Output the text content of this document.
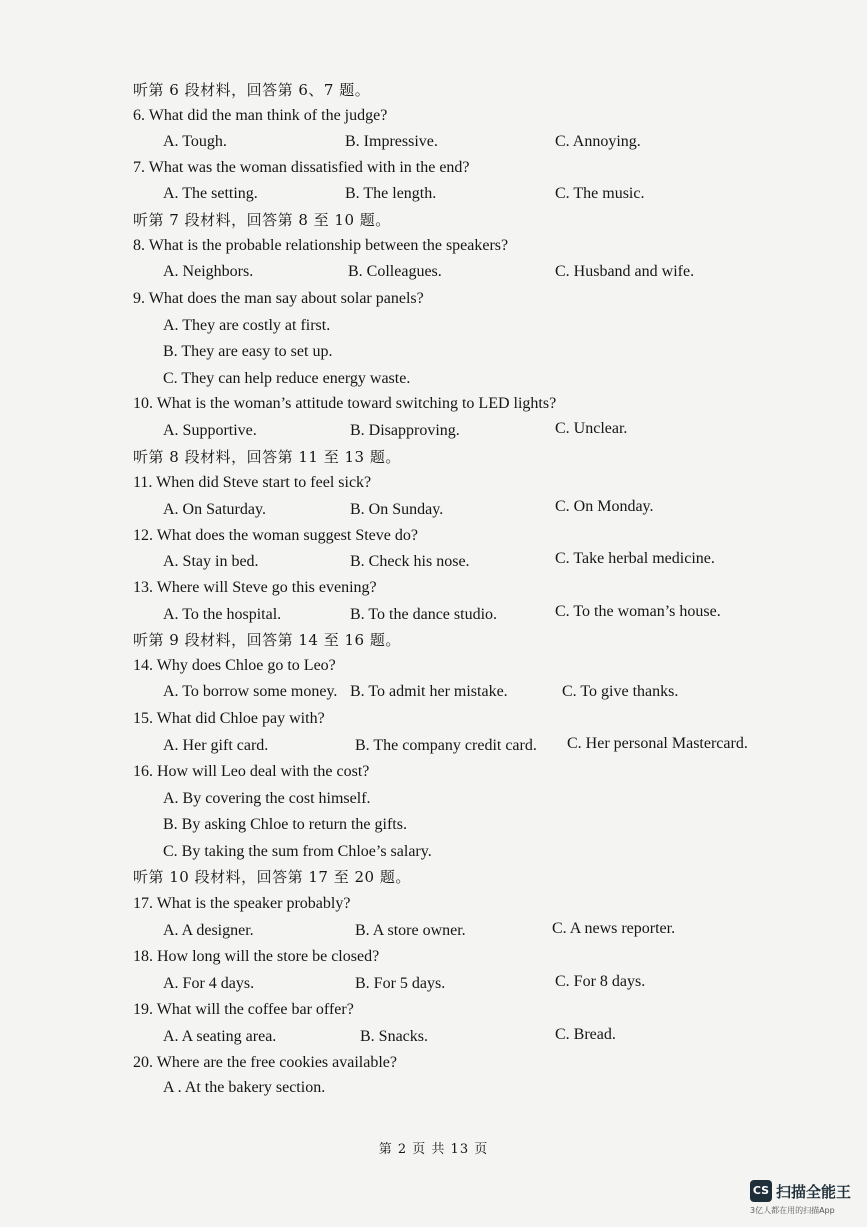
听第 6 段材料，回答第 6、7 题。
6. What did the man think of the judge?
A. Tough.	B. Impressive.	C. Annoying.
7. What was the woman dissatisfied with in the end?
A. The setting.	B. The length.	C. The music.
听第 7 段材料，回答第 8 至 10 题。
8. What is the probable relationship between the speakers?
A. Neighbors.	B. Colleagues.	C. Husband and wife.
9. What does the man say about solar panels?
A. They are costly at first.
B. They are easy to set up.
C. They can help reduce energy waste.
10. What is the woman’s attitude toward switching to LED lights?
A. Supportive.	B. Disapproving.	C. Unclear.
听第 8 段材料，回答第 11 至 13 题。
11. When did Steve start to feel sick?
A. On Saturday.	B. On Sunday.	C. On Monday.
12. What does the woman suggest Steve do?
A. Stay in bed.	B. Check his nose.	C. Take herbal medicine.
13. Where will Steve go this evening?
A. To the hospital.	B. To the dance studio.	C. To the woman’s house.
听第 9 段材料，回答第 14 至 16 题。
14. Why does Chloe go to Leo?
A. To borrow some money. B. To admit her mistake.	C. To give thanks.
15. What did Chloe pay with?
A. Her gift card.	B. The company credit card. C. Her personal Mastercard.
16. How will Leo deal with the cost?
A. By covering the cost himself.
B. By asking Chloe to return the gifts.
C. By taking the sum from Chloe’s salary.
听第 10 段材料，回答第 17 至 20 题。
17. What is the speaker probably?
A. A designer.	B. A store owner.	C. A news reporter.
18. How long will the store be closed?
A. For 4 days.	B. For 5 days.	C. For 8 days.
19. What will the coffee bar offer?
A. A seating area.	B. Snacks.	C. Bread.
20. Where are the free cookies available?
A . At the bakery section.
第 2 页 共 13 页
CS 扫描全能王
3亿人都在用的扫描App
